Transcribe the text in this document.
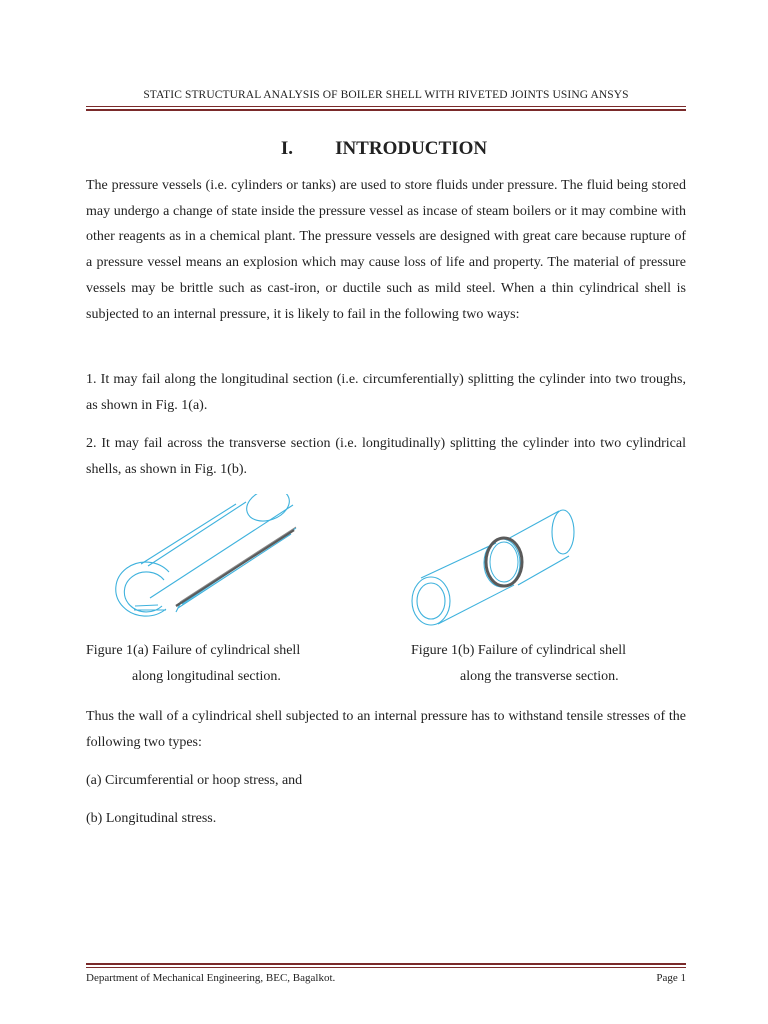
STATIC STRUCTURAL ANALYSIS OF BOILER SHELL WITH RIVETED JOINTS USING ANSYS
I. INTRODUCTION
The pressure vessels (i.e. cylinders or tanks) are used to store fluids under pressure. The fluid being stored may undergo a change of state inside the pressure vessel as incase of steam boilers or it may combine with other reagents as in a chemical plant. The pressure vessels are designed with great care because rupture of a pressure vessel means an explosion which may cause loss of life and property. The material of pressure vessels may be brittle such as cast-iron, or ductile such as mild steel. When a thin cylindrical shell is subjected to an internal pressure, it is likely to fail in the following two ways:
1. It may fail along the longitudinal section (i.e. circumferentially) splitting the cylinder into two troughs, as shown in Fig. 1(a).
2. It may fail across the transverse section (i.e. longitudinally) splitting the cylinder into two cylindrical shells, as shown in Fig. 1(b).
Figure 1(a) Failure of cylindrical shell
along longitudinal section.
Figure 1(b) Failure of cylindrical shell
along the transverse section.
Thus the wall of a cylindrical shell subjected to an internal pressure has to withstand tensile stresses of the following two types:
(a) Circumferential or hoop stress, and
(b) Longitudinal stress.
Department of Mechanical Engineering, BEC, Bagalkot.	Page 1
